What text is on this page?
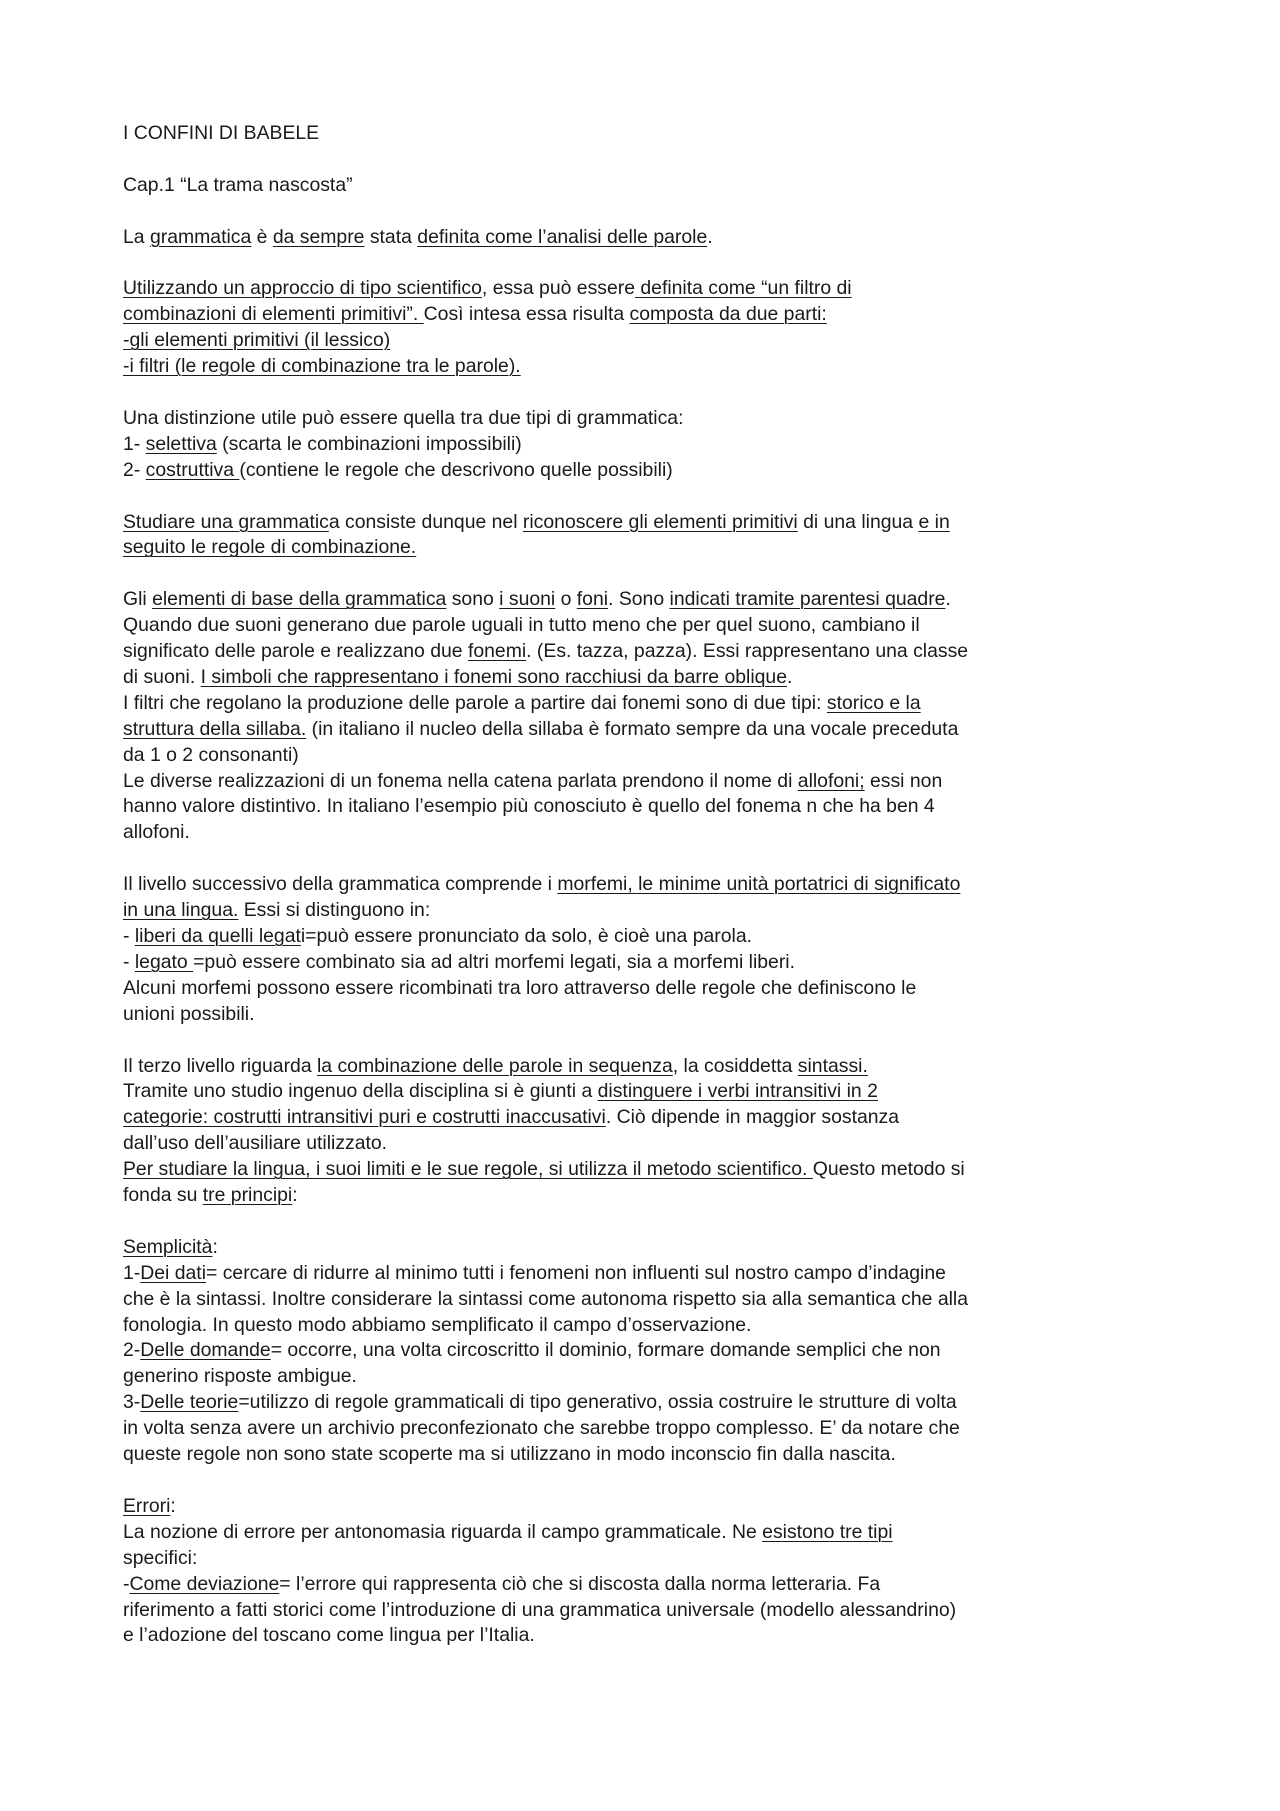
I CONFINI DI BABELE

Cap.1 “La trama nascosta”

La grammatica è da sempre stata definita come l’analisi delle parole.

Utilizzando un approccio di tipo scientifico, essa può essere definita come “un filtro di

combinazioni di elementi primitivi”. Così intesa essa risulta composta da due parti:

-gli elementi primitivi (il lessico)

-i filtri (le regole di combinazione tra le parole).

Una distinzione utile può essere quella tra due tipi di grammatica:

1- selettiva (scarta le combinazioni impossibili)

2- costruttiva (contiene le regole che descrivono quelle possibili)

Studiare una grammatica consiste dunque nel riconoscere gli elementi primitivi di una lingua e in

seguito le regole di combinazione.

Gli elementi di base della grammatica sono i suoni o foni. Sono indicati tramite parentesi quadre.

Quando due suoni generano due parole uguali in tutto meno che per quel suono, cambiano il

significato delle parole e realizzano due fonemi. (Es. tazza, pazza). Essi rappresentano una classe

di suoni. I simboli che rappresentano i fonemi sono racchiusi da barre oblique.

I filtri che regolano la produzione delle parole a partire dai fonemi sono di due tipi: storico e la

struttura della sillaba. (in italiano il nucleo della sillaba è formato sempre da una vocale preceduta

da 1 o 2 consonanti)

Le diverse realizzazioni di un fonema nella catena parlata prendono il nome di allofoni; essi non

hanno valore distintivo. In italiano l’esempio più conosciuto è quello del fonema n che ha ben 4

allofoni.

Il livello successivo della grammatica comprende i morfemi, le minime unità portatrici di significato

in una lingua. Essi si distinguono in:

- liberi da quelli legati=può essere pronunciato da solo, è cioè una parola.

- legato =può essere combinato sia ad altri morfemi legati, sia a morfemi liberi.

Alcuni morfemi possono essere ricombinati tra loro attraverso delle regole che definiscono le

unioni possibili.

Il terzo livello riguarda la combinazione delle parole in sequenza, la cosiddetta sintassi.

Tramite uno studio ingenuo della disciplina si è giunti a distinguere i verbi intransitivi in 2

categorie: costrutti intransitivi puri e costrutti inaccusativi. Ciò dipende in maggior sostanza

dall’uso dell’ausiliare utilizzato.

Per studiare la lingua, i suoi limiti e le sue regole, si utilizza il metodo scientifico. Questo metodo si

fonda su tre principi:

Semplicità:

1-Dei dati= cercare di ridurre al minimo tutti i fenomeni non influenti sul nostro campo d’indagine

che è la sintassi. Inoltre considerare la sintassi come autonoma rispetto sia alla semantica che alla

fonologia. In questo modo abbiamo semplificato il campo d’osservazione.

2-Delle domande= occorre, una volta circoscritto il dominio, formare domande semplici che non

generino risposte ambigue.

3-Delle teorie=utilizzo di regole grammaticali di tipo generativo, ossia costruire le strutture di volta

in volta senza avere un archivio preconfezionato che sarebbe troppo complesso. E’ da notare che

queste regole non sono state scoperte ma si utilizzano in modo inconscio fin dalla nascita.

Errori:

La nozione di errore per antonomasia riguarda il campo grammaticale. Ne esistono tre tipi

specifici:

-Come deviazione= l’errore qui rappresenta ciò che si discosta dalla norma letteraria. Fa

riferimento a fatti storici come l’introduzione di una grammatica universale (modello alessandrino)

e l’adozione del toscano come lingua per l’Italia.
